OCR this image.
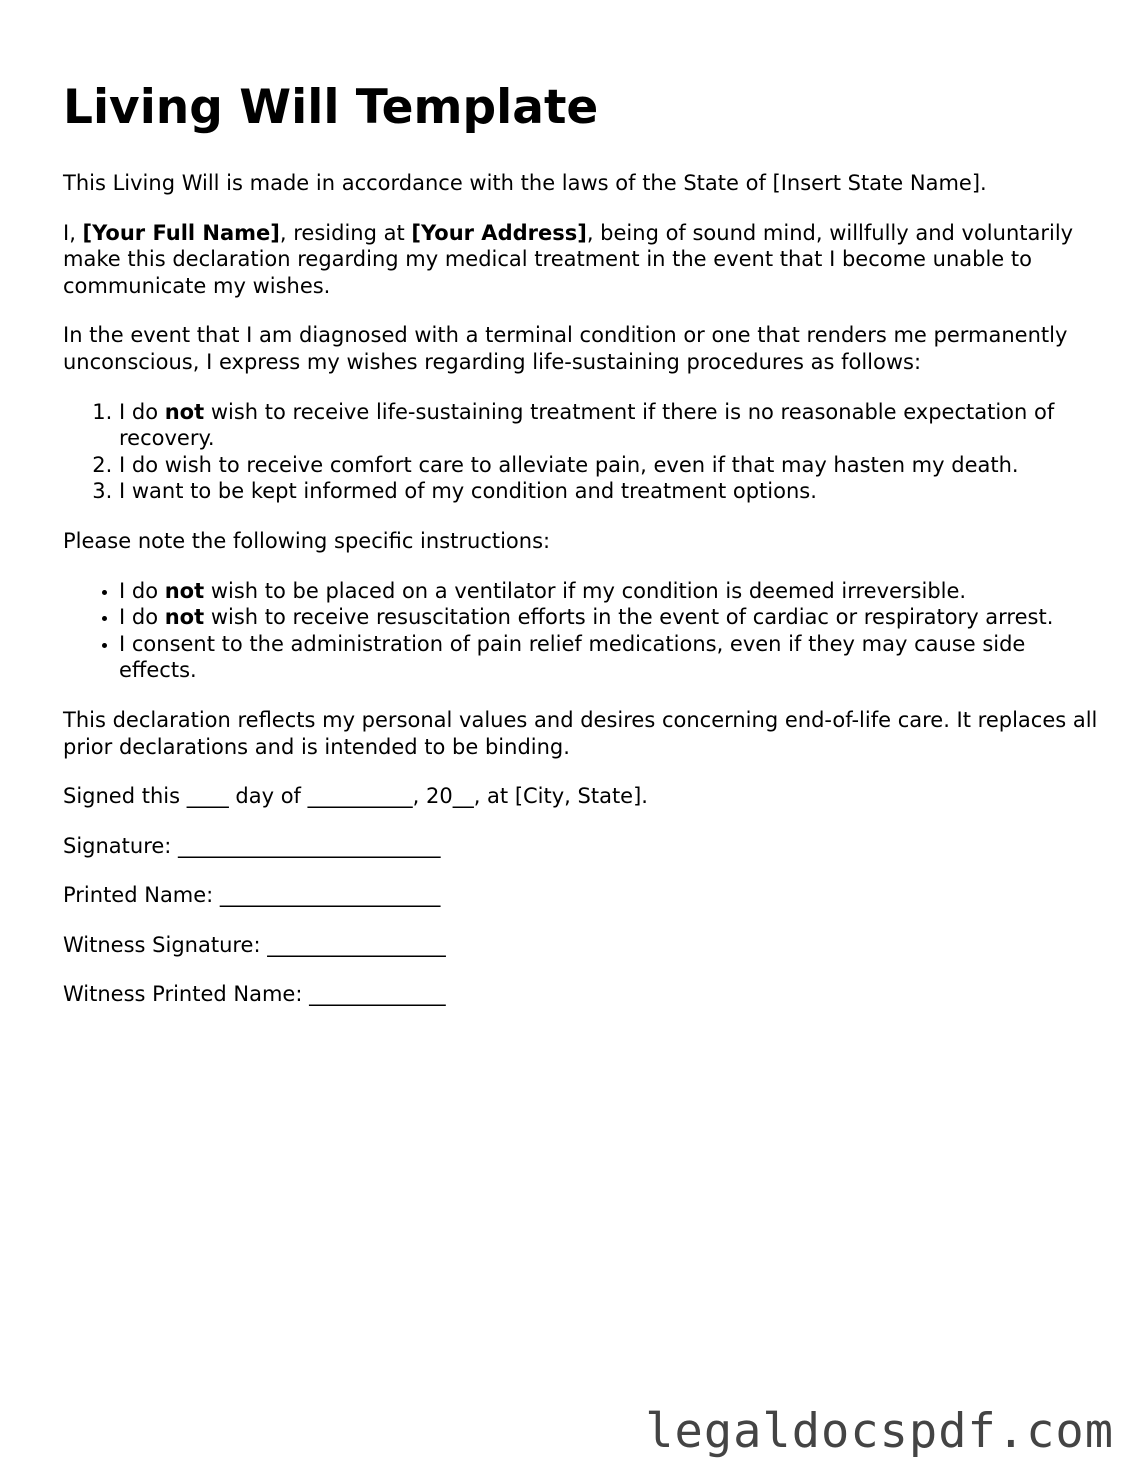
Living Will Template

This Living Will is made in accordance with the laws of the State of [Insert State Name].

I, [Your Full Name], residing at [Your Address], being of sound mind, willfully and voluntarily make this declaration regarding my medical treatment in the event that I become unable to communicate my wishes.

In the event that I am diagnosed with a terminal condition or one that renders me permanently unconscious, I express my wishes regarding life-sustaining procedures as follows:

1. I do not wish to receive life-sustaining treatment if there is no reasonable expectation of recovery.
2. I do wish to receive comfort care to alleviate pain, even if that may hasten my death.
3. I want to be kept informed of my condition and treatment options.

Please note the following specific instructions:

• I do not wish to be placed on a ventilator if my condition is deemed irreversible.
• I do not wish to receive resuscitation efforts in the event of cardiac or respiratory arrest.
• I consent to the administration of pain relief medications, even if they may cause side effects.

This declaration reflects my personal values and desires concerning end-of-life care. It replaces all prior declarations and is intended to be binding.

Signed this ____ day of __________, 20__, at [City, State].

Signature: _________________________

Printed Name: _____________________

Witness Signature: _________________

Witness Printed Name: _____________

legaldocspdf.com
